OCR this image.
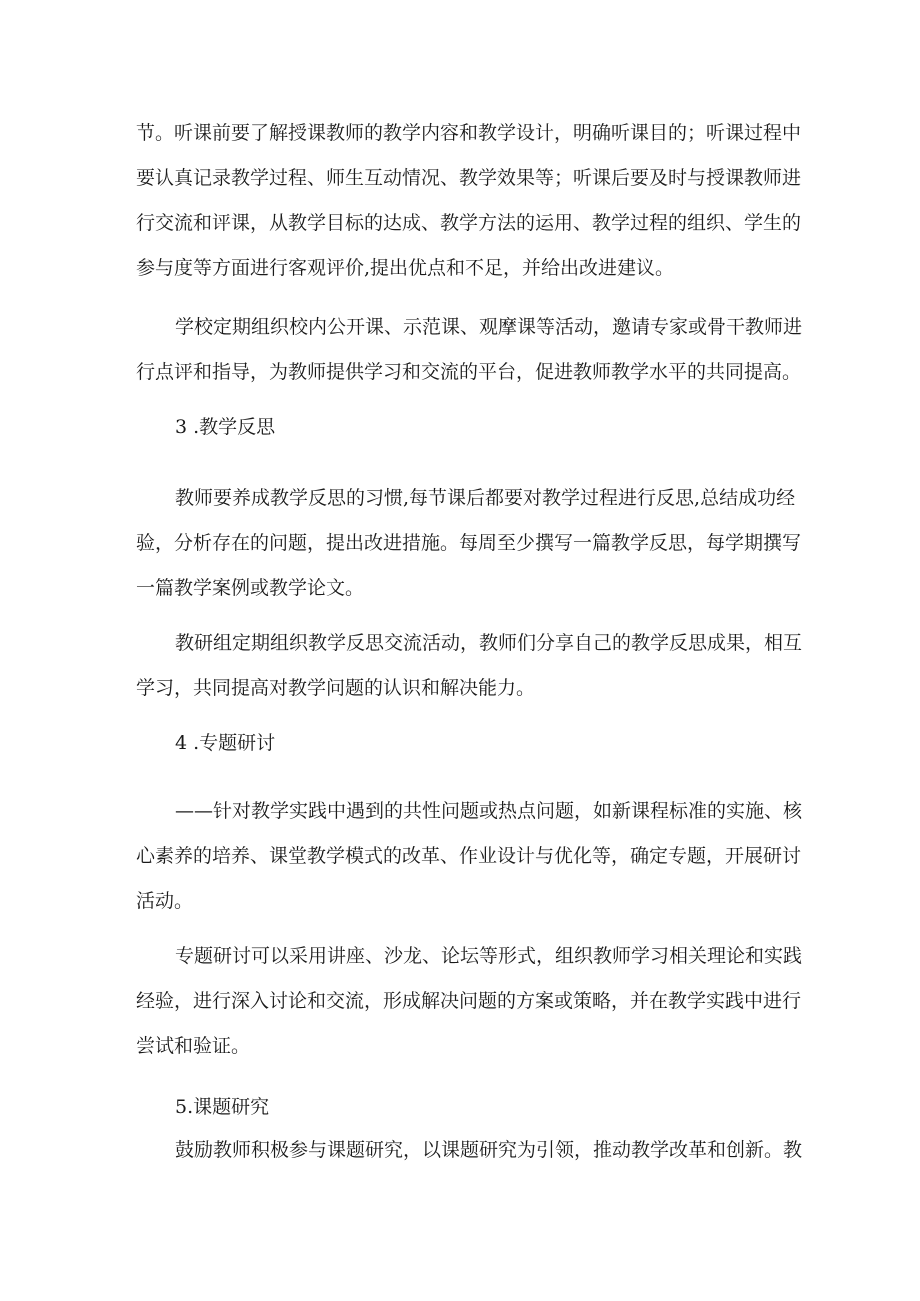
节。听课前要了解授课教师的教学内容和教学设计，明确听课目的；听课过程中
要认真记录教学过程、师生互动情况、教学效果等；听课后要及时与授课教师进
行交流和评课，从教学目标的达成、教学方法的运用、教学过程的组织、学生的
参与度等方面进行客观评价,提出优点和不足，并给出改进建议。
学校定期组织校内公开课、示范课、观摩课等活动，邀请专家或骨干教师进
行点评和指导，为教师提供学习和交流的平台，促进教师教学水平的共同提高。
3 .教学反思
教师要养成教学反思的习惯,每节课后都要对教学过程进行反思,总结成功经
验，分析存在的问题，提出改进措施。每周至少撰写一篇教学反思，每学期撰写
一篇教学案例或教学论文。
教研组定期组织教学反思交流活动，教师们分享自己的教学反思成果，相互
学习，共同提高对教学问题的认识和解决能力。
4 .专题研讨
——针对教学实践中遇到的共性问题或热点问题，如新课程标准的实施、核
心素养的培养、课堂教学模式的改革、作业设计与优化等，确定专题，开展研讨
活动。
专题研讨可以采用讲座、沙龙、论坛等形式，组织教师学习相关理论和实践
经验，进行深入讨论和交流，形成解决问题的方案或策略，并在教学实践中进行
尝试和验证。
5.课题研究
鼓励教师积极参与课题研究，以课题研究为引领，推动教学改革和创新。教
